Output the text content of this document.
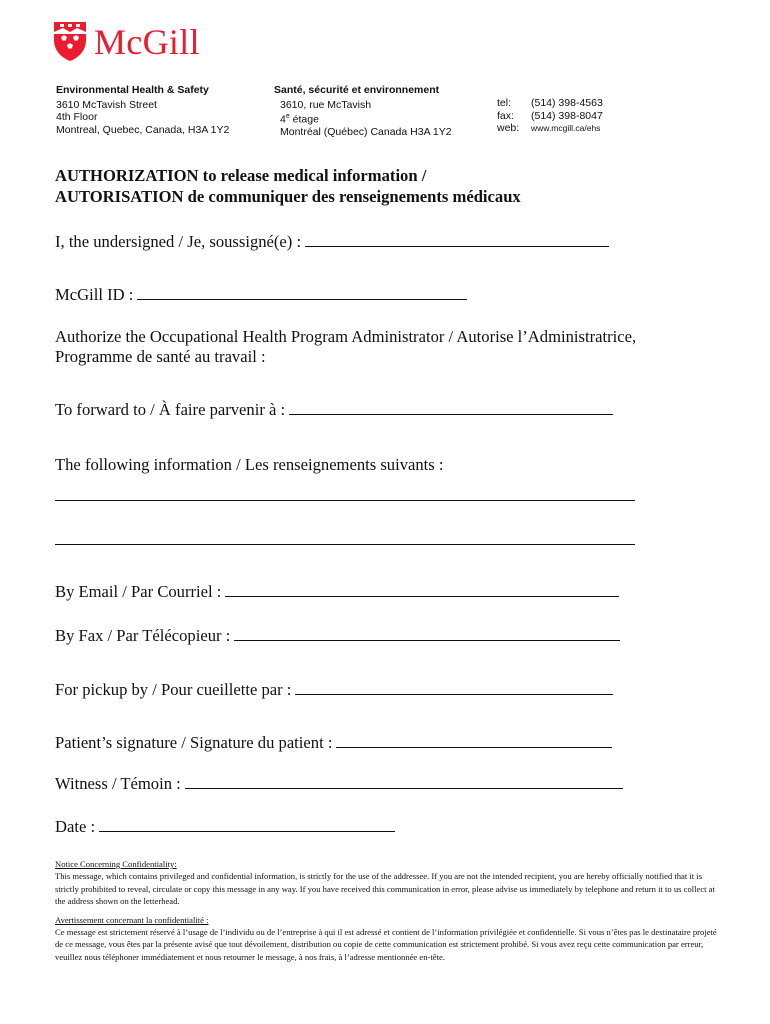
McGill
Environmental Health & Safety
3610 McTavish Street
4th Floor
Montreal, Quebec, Canada, H3A 1Y2
Santé, sécurité et environnement
3610, rue McTavish
4e étage
Montréal (Québec) Canada H3A 1Y2
tel:	(514) 398-4563
fax:	(514) 398-8047
web:	www.mcgill.ca/ehs
AUTHORIZATION to release medical information /
AUTORISATION de communiquer des renseignements médicaux
I, the undersigned / Je, soussigné(e) :
McGill ID :
Authorize the Occupational Health Program Administrator / Autorise l’Administratrice,
Programme de santé au travail :
To forward to / À faire parvenir à :
The following information / Les renseignements suivants :
By Email / Par Courriel :
By Fax / Par Télécopieur :
For pickup by / Pour cueillette par :
Patient’s signature / Signature du patient :
Witness / Témoin :
Date :
Notice Concerning Confidentiality:
This message, which contains privileged and confidential information, is strictly for the use of the addressee. If you are not the intended recipient, you are hereby officially notified that it is strictly prohibited to reveal, circulate or copy this message in any way. If you have received this communication in error, please advise us immediately by telephone and return it to us collect at the address shown on the letterhead.
Avertissement concernant la confidentialité :
Ce message est strictement réservé à l’usage de l’individu ou de l’entreprise à qui il est adressé et contient de l’information privilégiée et confidentielle. Si vous n’êtes pas le destinataire projeté de ce message, vous êtes par la présente avisé que tout dévoilement, distribution ou copie de cette communication est strictement prohibé. Si vous avez reçu cette communication par erreur, veuillez nous téléphoner immédiatement et nous retourner le message, à nos frais, à l’adresse mentionnée en-tête.
